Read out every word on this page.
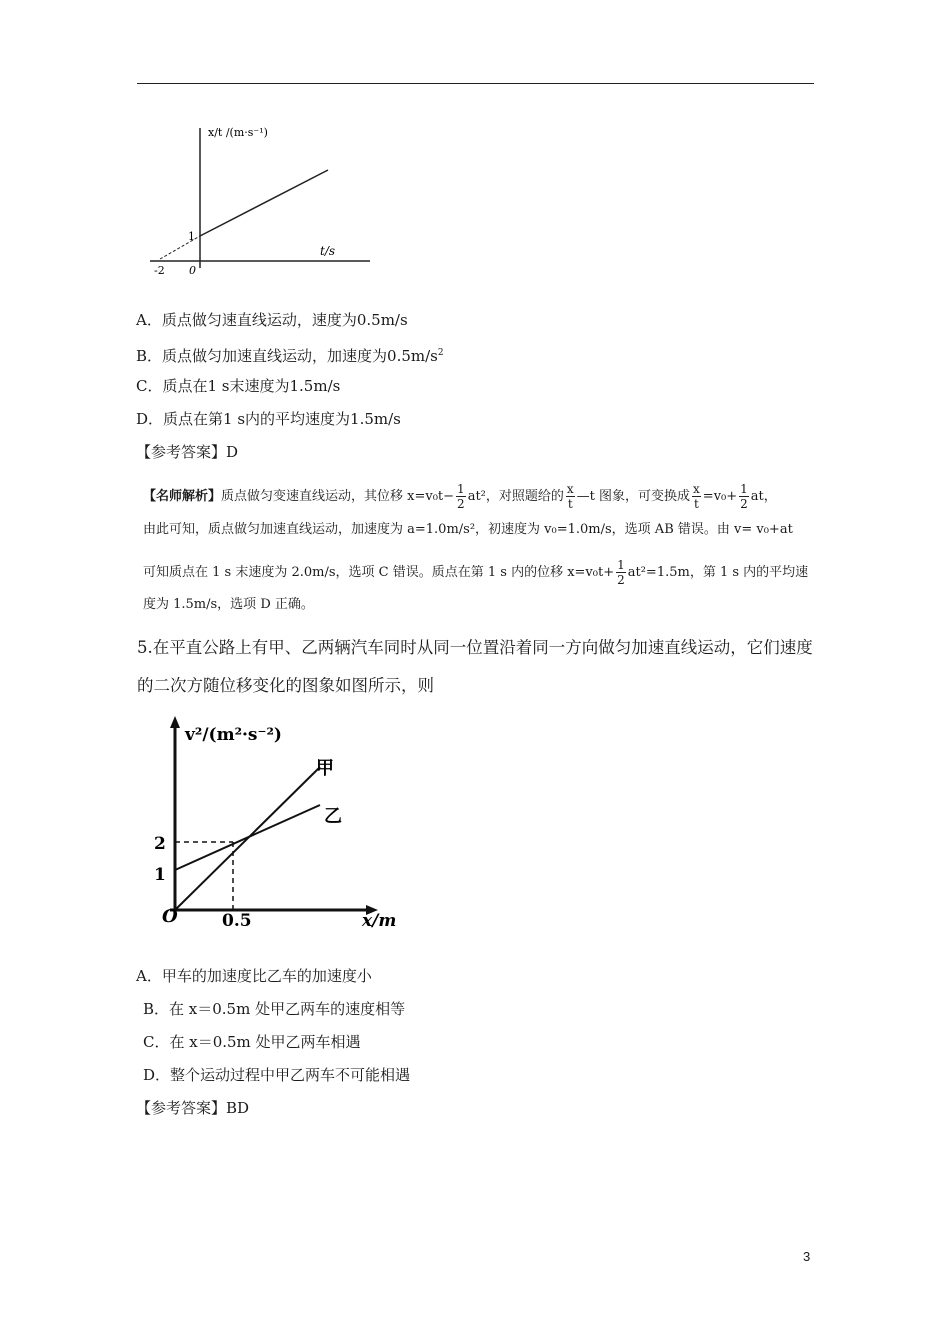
x/t /(m·s⁻¹)
t/s
1
-2 0
A．质点做匀速直线运动，速度为0.5m/s
B．质点做匀加速直线运动，加速度为$0.5m/s^2$
C．质点在1 s末速度为1.5m/s
D．质点在第1 s内的平均速度为1.5m/s
【参考答案】D
【名师解析】质点做匀变速直线运动，其位移 $x=v_0t- \frac{1}{2} at^2$，对照题给的 $\frac{x}{t}$ —t 图象，可变换成 $\frac{x}{t} =v_0+ \frac{1}{2}$ at，
由此可知，质点做匀加速直线运动，加速度为 a=1.0m/s²，初速度为 v₀=1.0m/s，选项 AB 错误。由 v= v₀+at
可知质点在 1 s 末速度为 2.0m/s，选项 C 错误。质点在第 1 s 内的位移 $x=v_0t+ \frac{1}{2} at^2=1.5m$，第 1 s 内的平均速
度为 1.5m/s，选项 D 正确。
5.在平直公路上有甲、乙两辆汽车同时从同一位置沿着同一方向做匀加速直线运动，它们速度
的二次方随位移变化的图象如图所示，则
v²/(m²·s⁻²)
x/m
2
1
0.5
O
甲
乙
A．甲车的加速度比乙车的加速度小
B．在 x＝0.5m 处甲乙两车的速度相等
C．在 x＝0.5m 处甲乙两车相遇
D．整个运动过程中甲乙两车不可能相遇
【参考答案】BD
3
